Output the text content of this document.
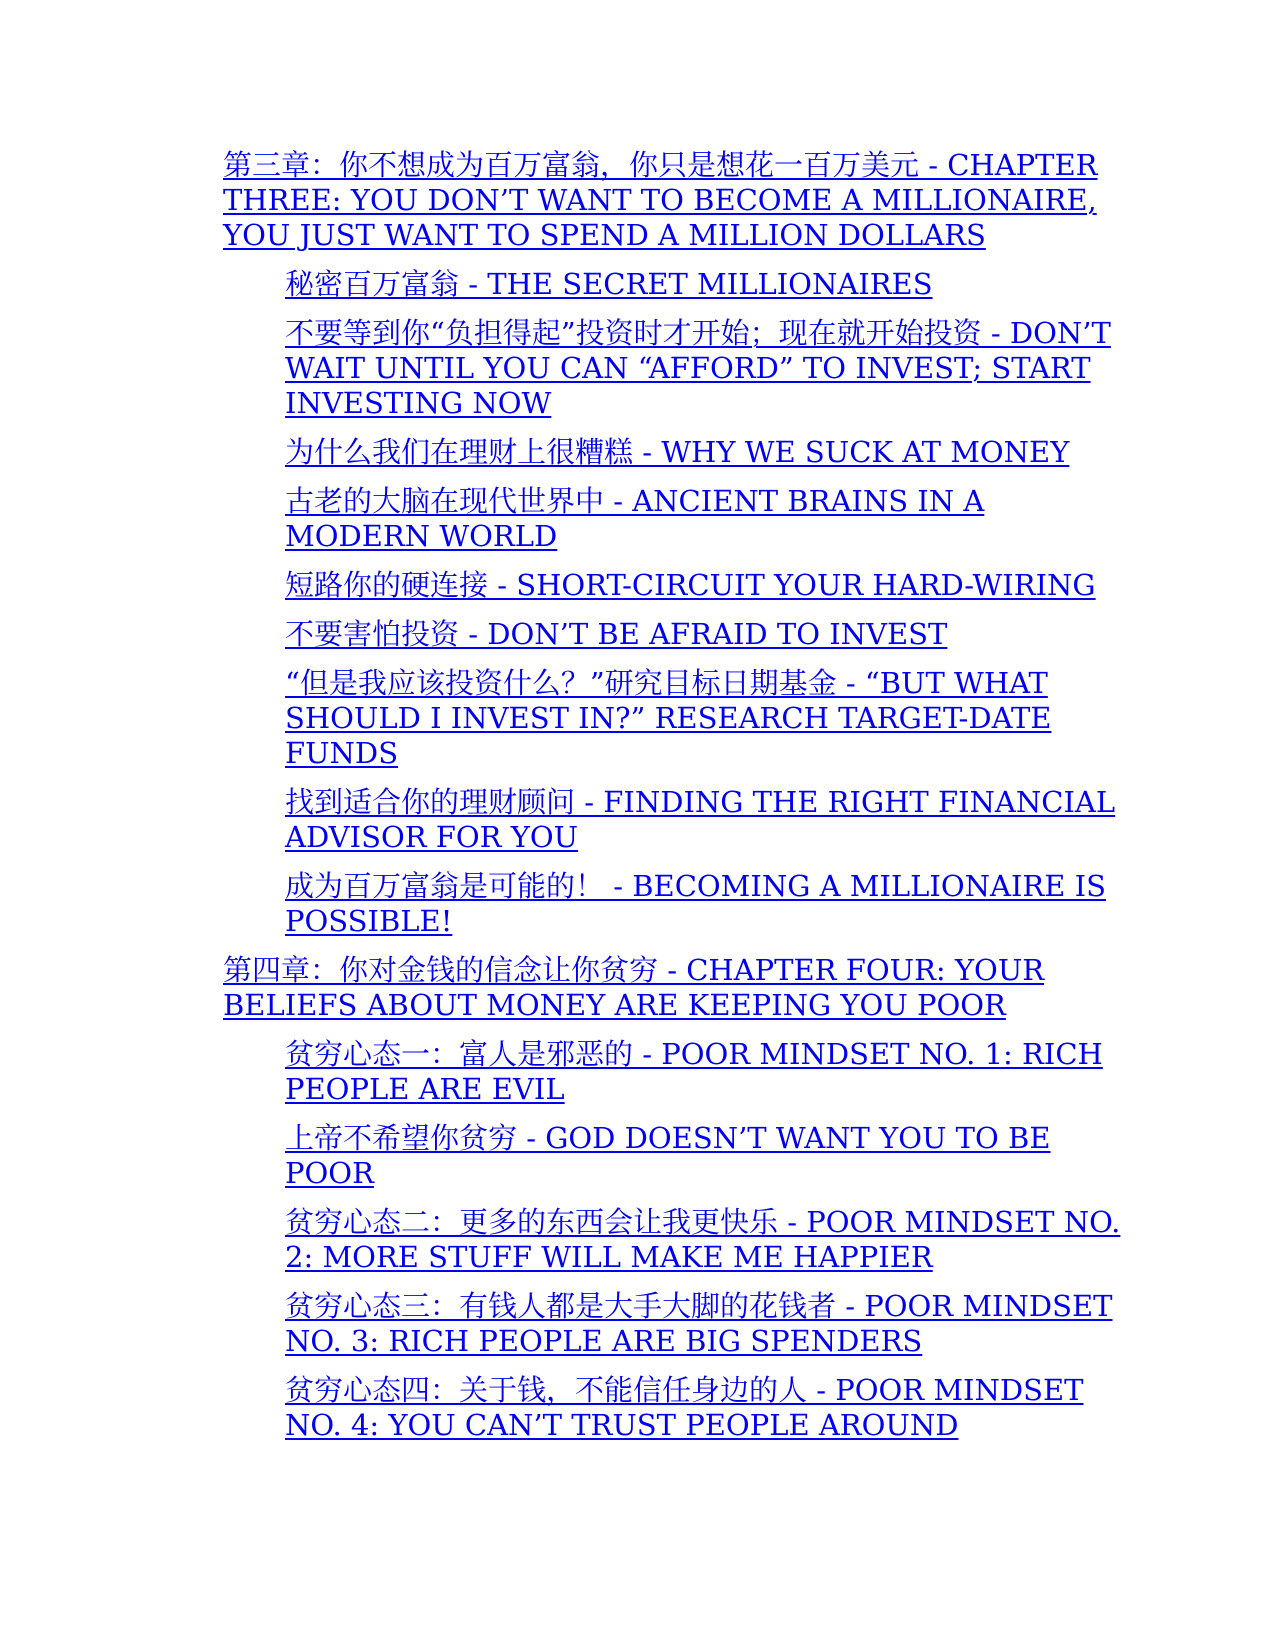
第三章：你不想成为百万富翁，你只是想花一百万美元 - CHAPTER THREE: YOU DON’T WANT TO BECOME A MILLIONAIRE, YOU JUST WANT TO SPEND A MILLION DOLLARS
秘密百万富翁 - THE SECRET MILLIONAIRES
不要等到你“负担得起”投资时才开始；现在就开始投资 - DON’T WAIT UNTIL YOU CAN “AFFORD” TO INVEST; START INVESTING NOW
为什么我们在理财上很糟糕 - WHY WE SUCK AT MONEY
古老的大脑在现代世界中 - ANCIENT BRAINS IN A MODERN WORLD
短路你的硬连接 - SHORT-CIRCUIT YOUR HARD-WIRING
不要害怕投资 - DON’T BE AFRAID TO INVEST
“但是我应该投资什么？”研究目标日期基金 - “BUT WHAT SHOULD I INVEST IN?” RESEARCH TARGET-DATE FUNDS
找到适合你的理财顾问 - FINDING THE RIGHT FINANCIAL ADVISOR FOR YOU
成为百万富翁是可能的！ - BECOMING A MILLIONAIRE IS POSSIBLE!
第四章：你对金钱的信念让你贫穷 - CHAPTER FOUR: YOUR BELIEFS ABOUT MONEY ARE KEEPING YOU POOR
贫穷心态一：富人是邪恶的 - POOR MINDSET NO. 1: RICH PEOPLE ARE EVIL
上帝不希望你贫穷 - GOD DOESN’T WANT YOU TO BE POOR
贫穷心态二：更多的东西会让我更快乐 - POOR MINDSET NO. 2: MORE STUFF WILL MAKE ME HAPPIER
贫穷心态三：有钱人都是大手大脚的花钱者 - POOR MINDSET NO. 3: RICH PEOPLE ARE BIG SPENDERS
贫穷心态四：关于钱，不能信任身边的人 - POOR MINDSET NO. 4: YOU CAN’T TRUST PEOPLE AROUND
